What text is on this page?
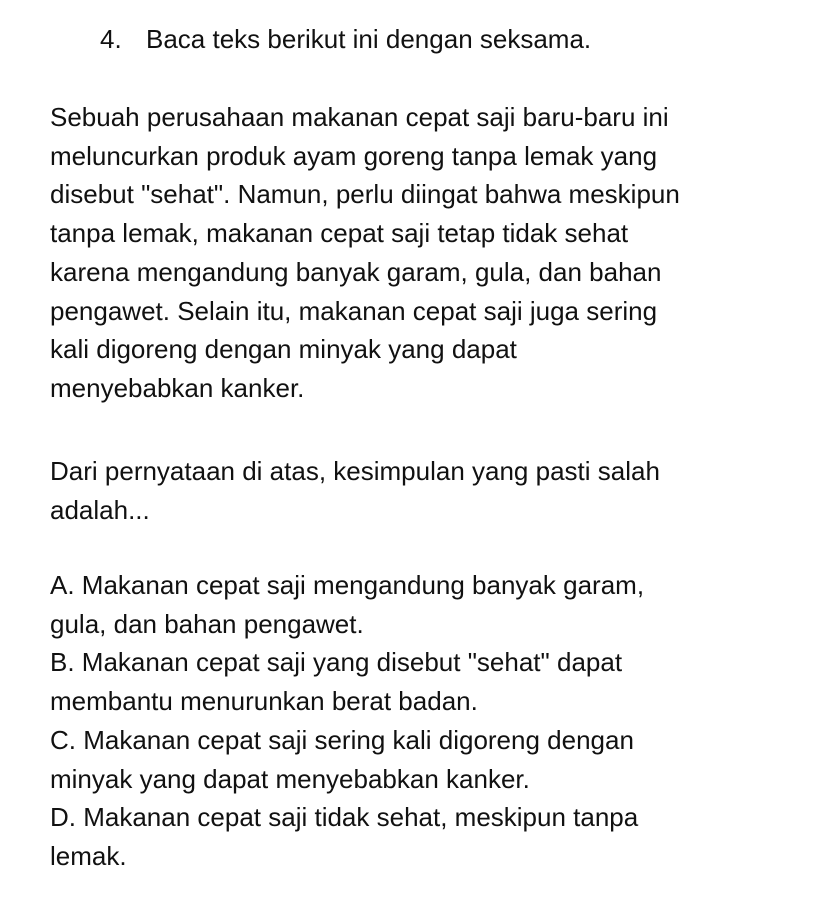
4. Baca teks berikut ini dengan seksama.
Sebuah perusahaan makanan cepat saji baru-baru ini
meluncurkan produk ayam goreng tanpa lemak yang
disebut "sehat". Namun, perlu diingat bahwa meskipun
tanpa lemak, makanan cepat saji tetap tidak sehat
karena mengandung banyak garam, gula, dan bahan
pengawet. Selain itu, makanan cepat saji juga sering
kali digoreng dengan minyak yang dapat
menyebabkan kanker.
Dari pernyataan di atas, kesimpulan yang pasti salah
adalah...
A. Makanan cepat saji mengandung banyak garam,
gula, dan bahan pengawet.
B. Makanan cepat saji yang disebut "sehat" dapat
membantu menurunkan berat badan.
C. Makanan cepat saji sering kali digoreng dengan
minyak yang dapat menyebabkan kanker.
D. Makanan cepat saji tidak sehat, meskipun tanpa
lemak.
